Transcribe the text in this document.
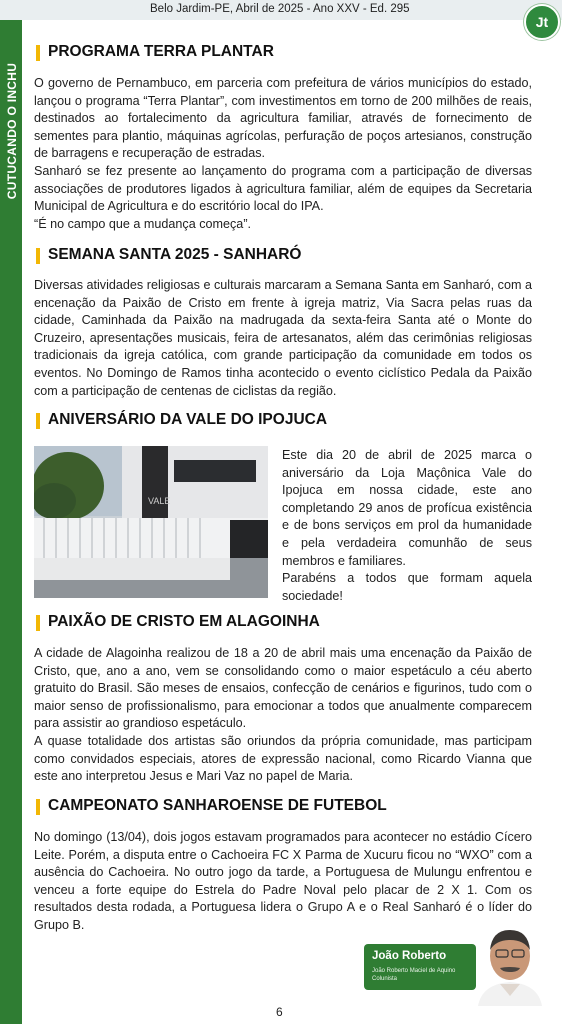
Belo Jardim-PE, Abril de 2025 - Ano XXV - Ed. 295
Jt
CUTUCANDO O INCHU
PROGRAMA TERRA PLANTAR

O governo de Pernambuco, em parceria com prefeitura de vários municípios do estado, lançou o programa “Terra Plantar”, com investimentos em torno de 200 milhões de reais, destinados ao fortalecimento da agricultura familiar, através de fornecimento de sementes para plantio, máquinas agrícolas, perfuração de poços artesianos, construção de barragens e recuperação de estradas.

Sanharó se fez presente ao lançamento do programa com a participação de diversas associações de produtores ligados à agricultura familiar, além de equipes da Secretaria Municipal de Agricultura e do escritório local do IPA.

“É no campo que a mudança começa”.

SEMANA SANTA 2025 - SANHARÓ

Diversas atividades religiosas e culturais marcaram a Semana Santa em Sanharó, com a encenação da Paixão de Cristo em frente à igreja matriz, Via Sacra pelas ruas da cidade, Caminhada da Paixão na madrugada da sexta-feira Santa até o Monte do Cruzeiro, apresentações musicais, feira de artesanatos, além das cerimônias religiosas tradicionais da igreja católica, com grande participação da comunidade em todos os eventos. No Domingo de Ramos tinha acontecido o evento ciclístico Pedala da Paixão com a participação de centenas de ciclistas da região.

ANIVERSÁRIO DA VALE DO IPOJUCA
VALE

Este dia 20 de abril de 2025 marca o aniversário da Loja Maçônica Vale do Ipojuca em nossa cidade, este ano completando 29 anos de profícua existência e de bons serviços em prol da humanidade e pela verdadeira comunhão de seus membros e familiares.

Parabéns a todos que formam aquela sociedade!

PAIXÃO DE CRISTO EM ALAGOINHA

A cidade de Alagoinha realizou de 18 a 20 de abril mais uma encenação da Paixão de Cristo, que, ano a ano, vem se consolidando como o maior espetáculo a céu aberto gratuito do Brasil. São meses de ensaios, confecção de cenários e figurinos, tudo com o maior senso de profissionalismo, para emocionar a todos que anualmente comparecem para assistir ao grandioso espetáculo.

A quase totalidade dos artistas são oriundos da própria comunidade, mas participam como convidados especiais, atores de expressão nacional, como Ricardo Vianna que este ano interpretou Jesus e Mari Vaz no papel de Maria.

CAMPEONATO SANHAROENSE DE FUTEBOL

No domingo (13/04), dois jogos estavam programados para acontecer no estádio Cícero Leite. Porém, a disputa entre o Cachoeira FC X Parma de Xucuru ficou no “WXO” com a ausência do Cachoeira. No outro jogo da tarde, a Portuguesa de Mulungu enfrentou e venceu a forte equipe do Estrela do Padre Noval pelo placar de 2 X 1. Com os resultados desta rodada, a Portuguesa lidera o Grupo A e o Real Sanharó é o líder do Grupo B.

João Roberto
João Roberto Maciel de Aquino Colunista
6
